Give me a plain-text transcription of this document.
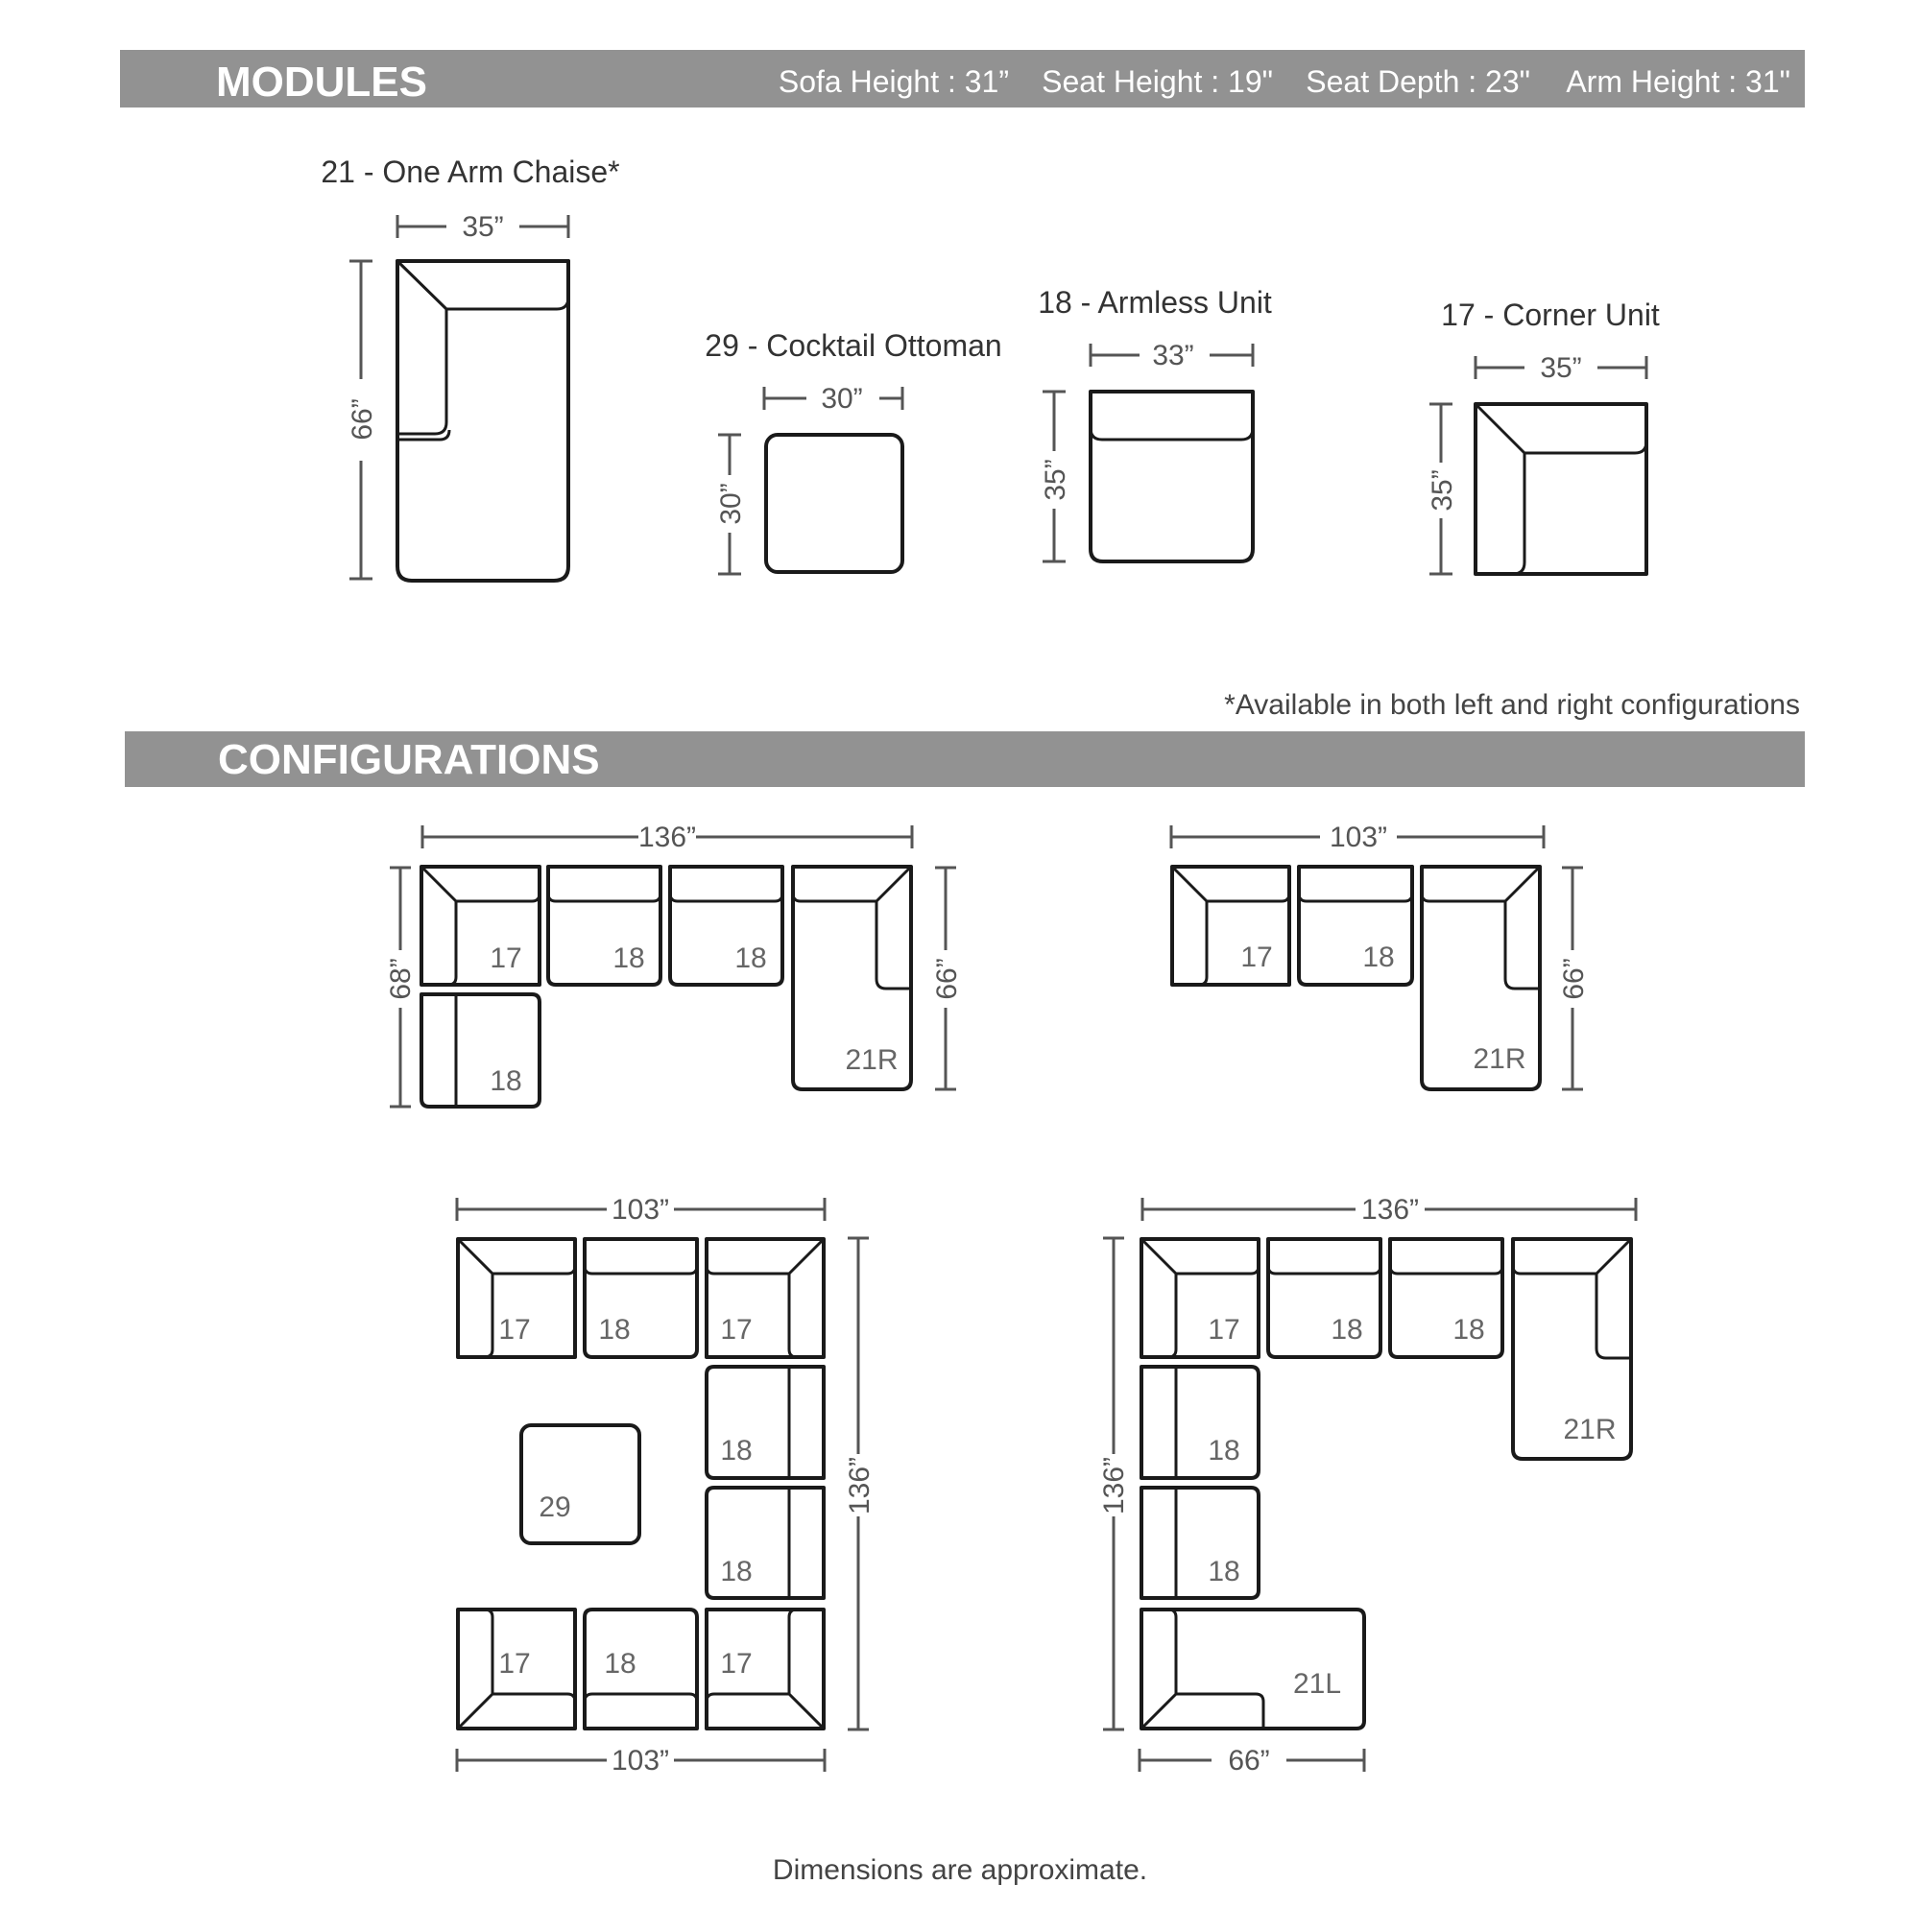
MODULES	Sofa Height : 31” Seat Height : 19" Seat Depth : 23" Arm Height : 31"
21 - One Arm Chaise*
35”
66”
29 - Cocktail Ottoman
30”
30”
18 - Armless Unit
33”
35”
17 - Corner Unit
35”
35”
*Available in both left and right configurations
CONFIGURATIONS
136”
68”	66”
17	18	18
21R
18
103”
66”
17	18
21R
103”
103”
136”
17 18	17
18
29
18
17	18	17
136”
136”
66”
17	18	18
21R
18
18
21L
Dimensions are approximate.
